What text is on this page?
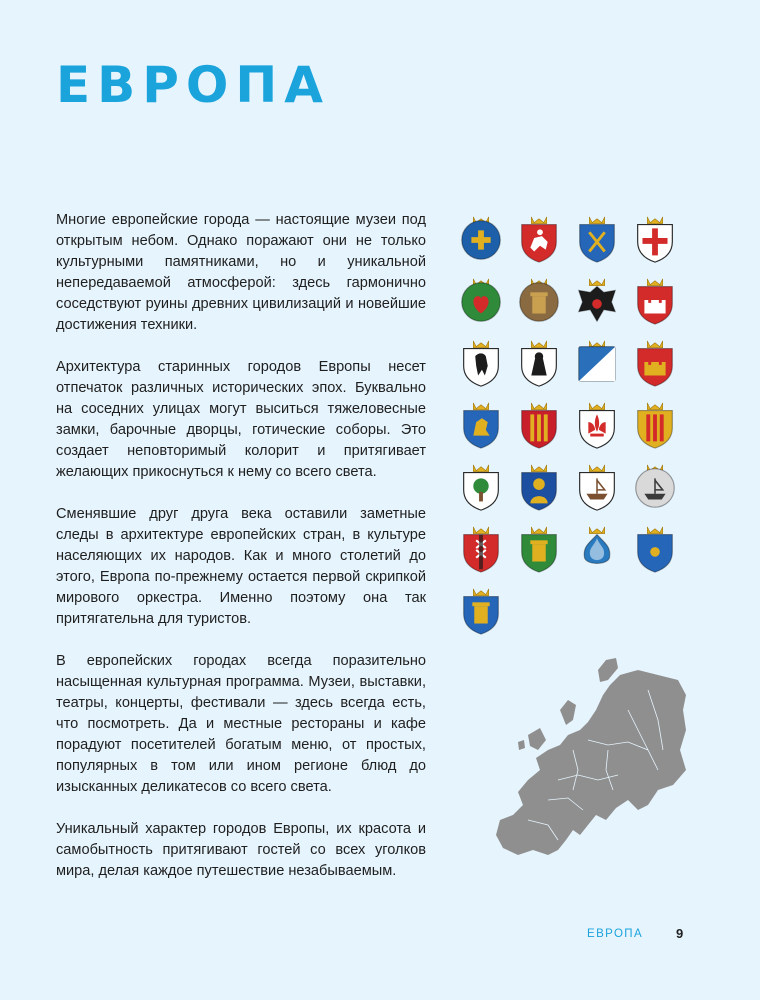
ЕВРОПА

Многие европейские города — настоящие музеи под открытым небом. Однако поражают они не только культурными памятниками, но и уникальной непередаваемой атмосферой: здесь гармонично соседствуют руины древних цивилизаций и новейшие достижения техники.

Архитектура старинных городов Европы несет отпечаток различных исторических эпох. Буквально на соседних улицах могут выситься тяжеловесные замки, барочные дворцы, готические соборы. Это создает неповторимый колорит и притягивает желающих прикоснуться к нему со всего света.

Сменявшие друг друга века оставили заметные следы в архитектуре европейских стран, в культуре населяющих их народов. Как и много столетий до этого, Европа по-прежнему остается первой скрипкой мирового оркестра. Именно поэтому она так притягательна для туристов.

В европейских городах всегда поразительно насыщенная культурная программа. Музеи, выставки, театры, концерты, фестивали — здесь всегда есть, что посмотреть. Да и местные рестораны и кафе порадуют посетителей богатым меню, от простых, популярных в том или ином регионе блюд до изысканных деликатесов со всего света.

Уникальный характер городов Европы, их красота и самобытность притягивают гостей со всех уголков мира, делая каждое путешествие незабываемым.

ЕВРОПА	9
